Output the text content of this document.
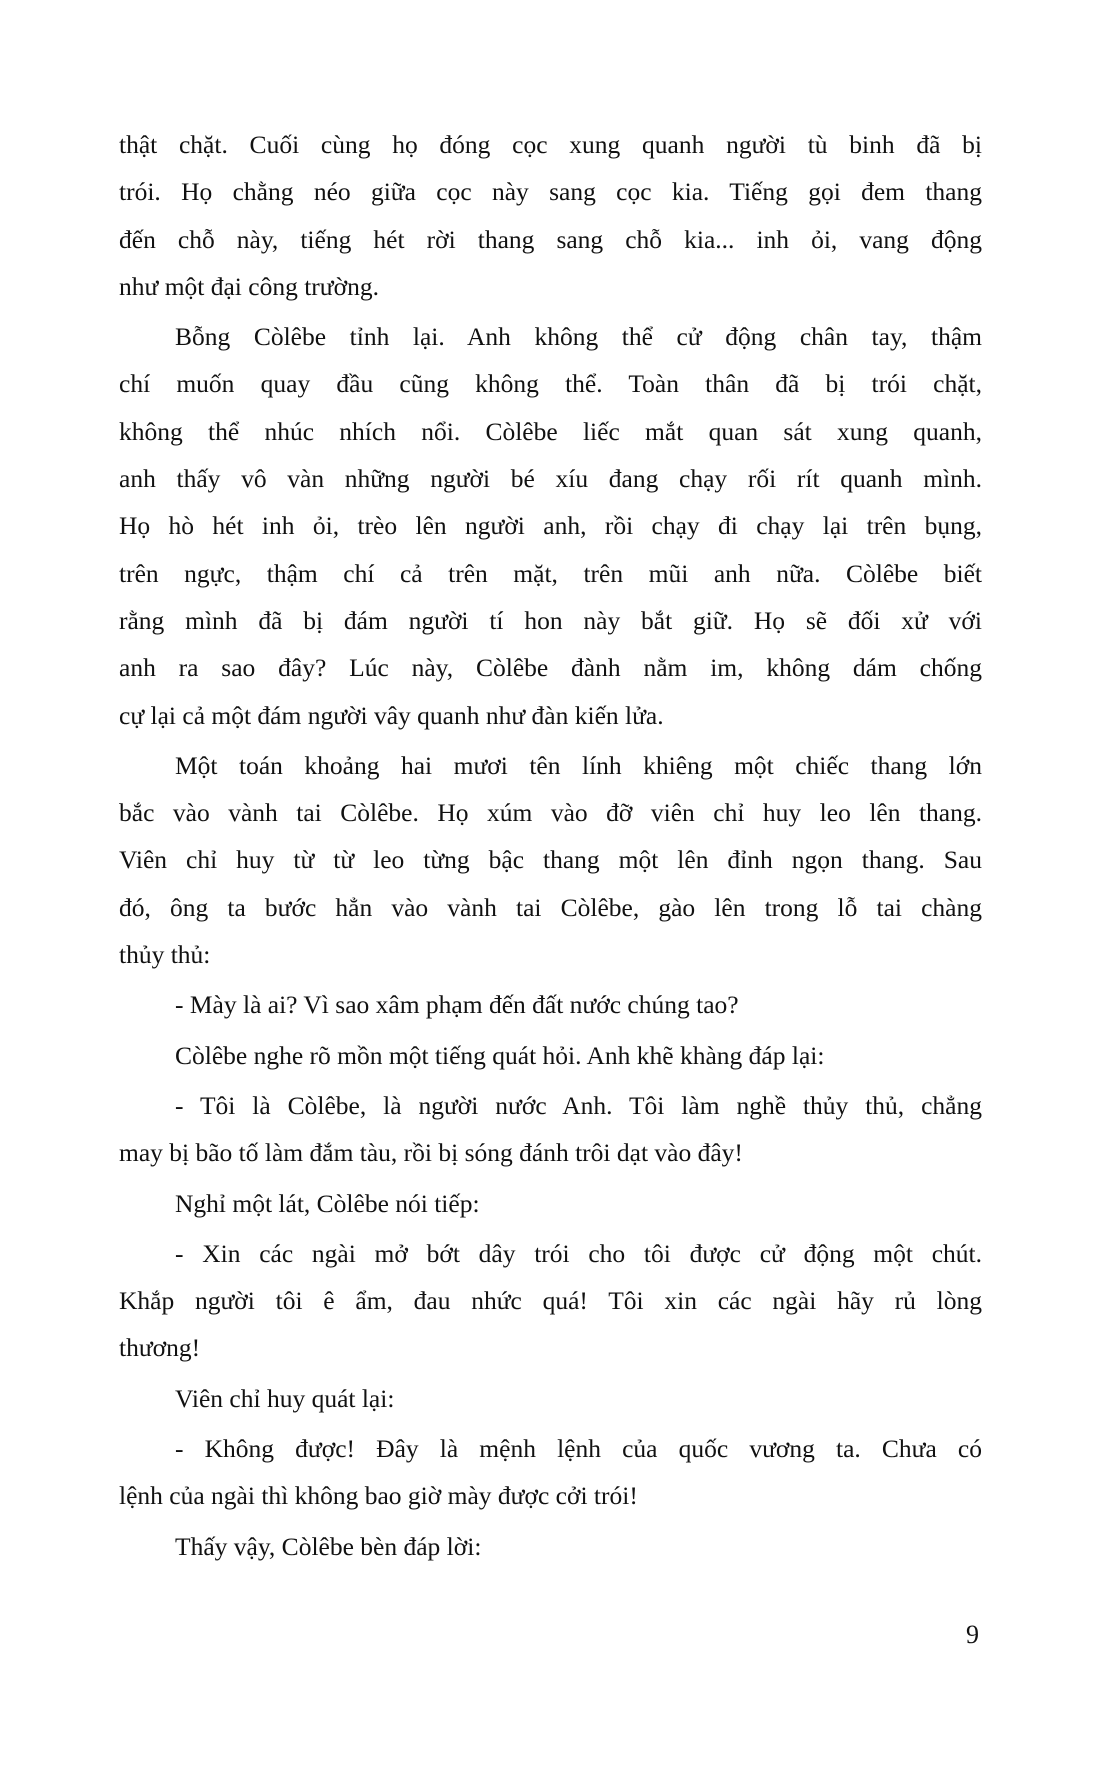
thật chặt. Cuối cùng họ đóng cọc xung quanh người tù binh đã bị
trói. Họ chằng néo giữa cọc này sang cọc kia. Tiếng gọi đem thang
đến chỗ này, tiếng hét rời thang sang chỗ kia... inh ỏi, vang động
như một đại công trường.

Bỗng Còlêbe tỉnh lại. Anh không thể cử động chân tay, thậm
chí muốn quay đầu cũng không thể. Toàn thân đã bị trói chặt,
không thể nhúc nhích nổi. Còlêbe liếc mắt quan sát xung quanh,
anh thấy vô vàn những người bé xíu đang chạy rối rít quanh mình.
Họ hò hét inh ỏi, trèo lên người anh, rồi chạy đi chạy lại trên bụng,
trên ngực, thậm chí cả trên mặt, trên mũi anh nữa. Còlêbe biết
rằng mình đã bị đám người tí hon này bắt giữ. Họ sẽ đối xử với
anh ra sao đây? Lúc này, Còlêbe đành nằm im, không dám chống
cự lại cả một đám người vây quanh như đàn kiến lửa.

Một toán khoảng hai mươi tên lính khiêng một chiếc thang lớn
bắc vào vành tai Còlêbe. Họ xúm vào đỡ viên chỉ huy leo lên thang.
Viên chỉ huy từ từ leo từng bậc thang một lên đỉnh ngọn thang. Sau
đó, ông ta bước hẳn vào vành tai Còlêbe, gào lên trong lỗ tai chàng
thủy thủ:

- Mày là ai? Vì sao xâm phạm đến đất nước chúng tao?

Còlêbe nghe rõ mồn một tiếng quát hỏi. Anh khẽ khàng đáp lại:

- Tôi là Còlêbe, là người nước Anh. Tôi làm nghề thủy thủ, chẳng
may bị bão tố làm đắm tàu, rồi bị sóng đánh trôi dạt vào đây!

Nghỉ một lát, Còlêbe nói tiếp:

- Xin các ngài mở bớt dây trói cho tôi được cử động một chút.
Khắp người tôi ê ẩm, đau nhức quá! Tôi xin các ngài hãy rủ lòng
thương!

Viên chỉ huy quát lại:

- Không được! Đây là mệnh lệnh của quốc vương ta. Chưa có
lệnh của ngài thì không bao giờ mày được cởi trói!

Thấy vậy, Còlêbe bèn đáp lời:

9
